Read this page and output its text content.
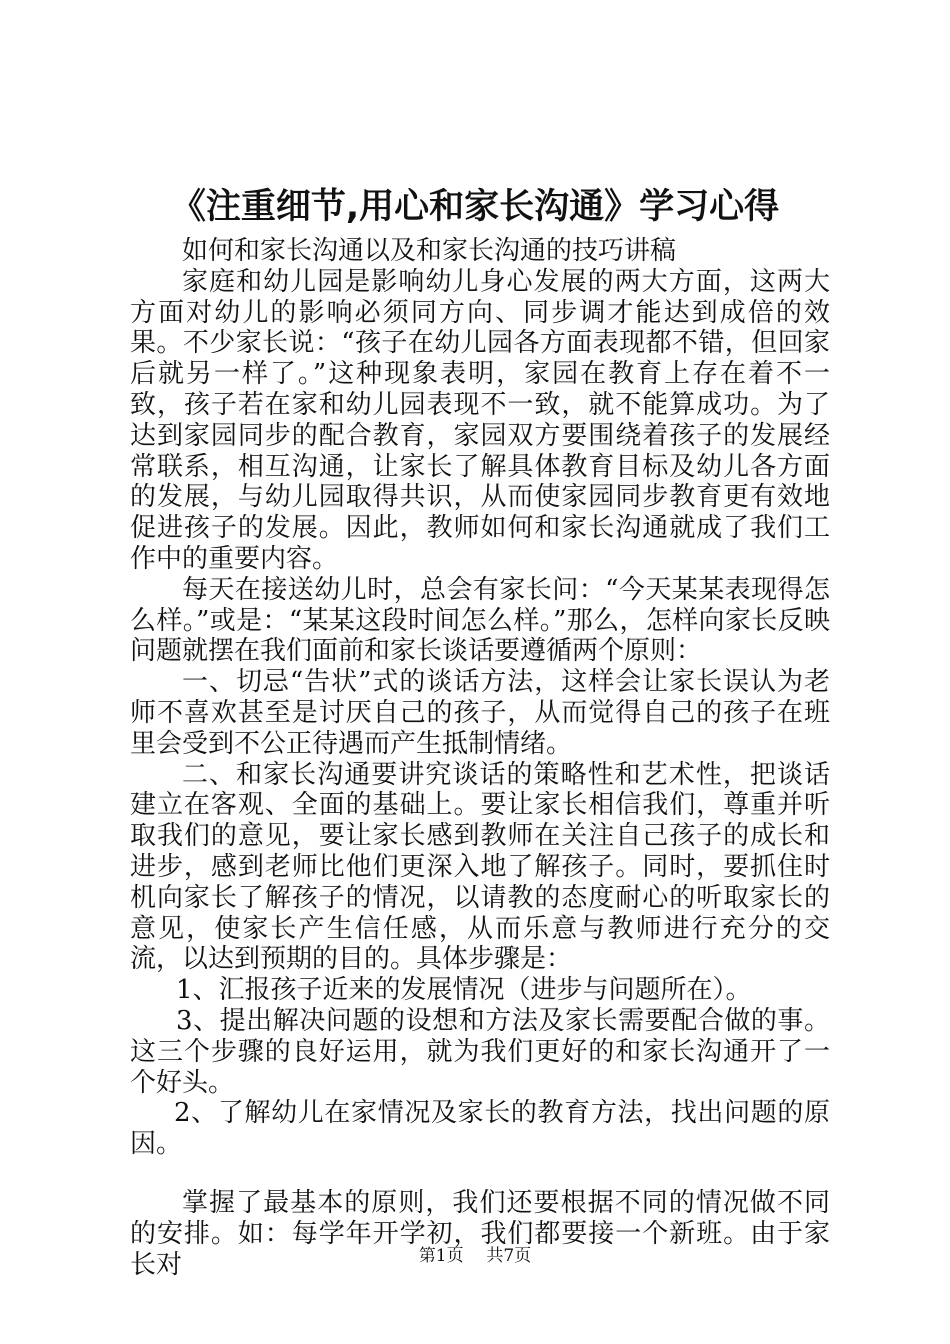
《注重细节,用心和家长沟通》学习心得

如何和家长沟通以及和家长沟通的技巧讲稿

家庭和幼儿园是影响幼儿身心发展的两大方面，这两大方面对幼儿的影响必须同方向、同步调才能达到成倍的效果。不少家长说：“孩子在幼儿园各方面表现都不错，但回家后就另一样了。”这种现象表明，家园在教育上存在着不一致，孩子若在家和幼儿园表现不一致，就不能算成功。为了达到家园同步的配合教育，家园双方要围绕着孩子的发展经常联系，相互沟通，让家长了解具体教育目标及幼儿各方面的发展，与幼儿园取得共识，从而使家园同步教育更有效地促进孩子的发展。因此，教师如何和家长沟通就成了我们工作中的重要内容。

每天在接送幼儿时，总会有家长问：“今天某某表现得怎么样。”或是：“某某这段时间怎么样。”那么，怎样向家长反映问题就摆在我们面前和家长谈话要遵循两个原则：

一、切忌“告状”式的谈话方法，这样会让家长误认为老师不喜欢甚至是讨厌自己的孩子，从而觉得自己的孩子在班里会受到不公正待遇而产生抵制情绪。

二、和家长沟通要讲究谈话的策略性和艺术性，把谈话建立在客观、全面的基础上。要让家长相信我们，尊重并听取我们的意见，要让家长感到教师在关注自己孩子的成长和进步，感到老师比他们更深入地了解孩子。同时，要抓住时机向家长了解孩子的情况，以请教的态度耐心的听取家长的意见，使家长产生信任感，从而乐意与教师进行充分的交流，以达到预期的目的。具体步骤是：

1、汇报孩子近来的发展情况（进步与问题所在）。

3、提出解决问题的设想和方法及家长需要配合做的事。这三个步骤的良好运用，就为我们更好的和家长沟通开了一个好头。

2、了解幼儿在家情况及家长的教育方法，找出问题的原因。

掌握了最基本的原则，我们还要根据不同的情况做不同的安排。如：每学年开学初，我们都要接一个新班。由于家长对	第1页 共7页
